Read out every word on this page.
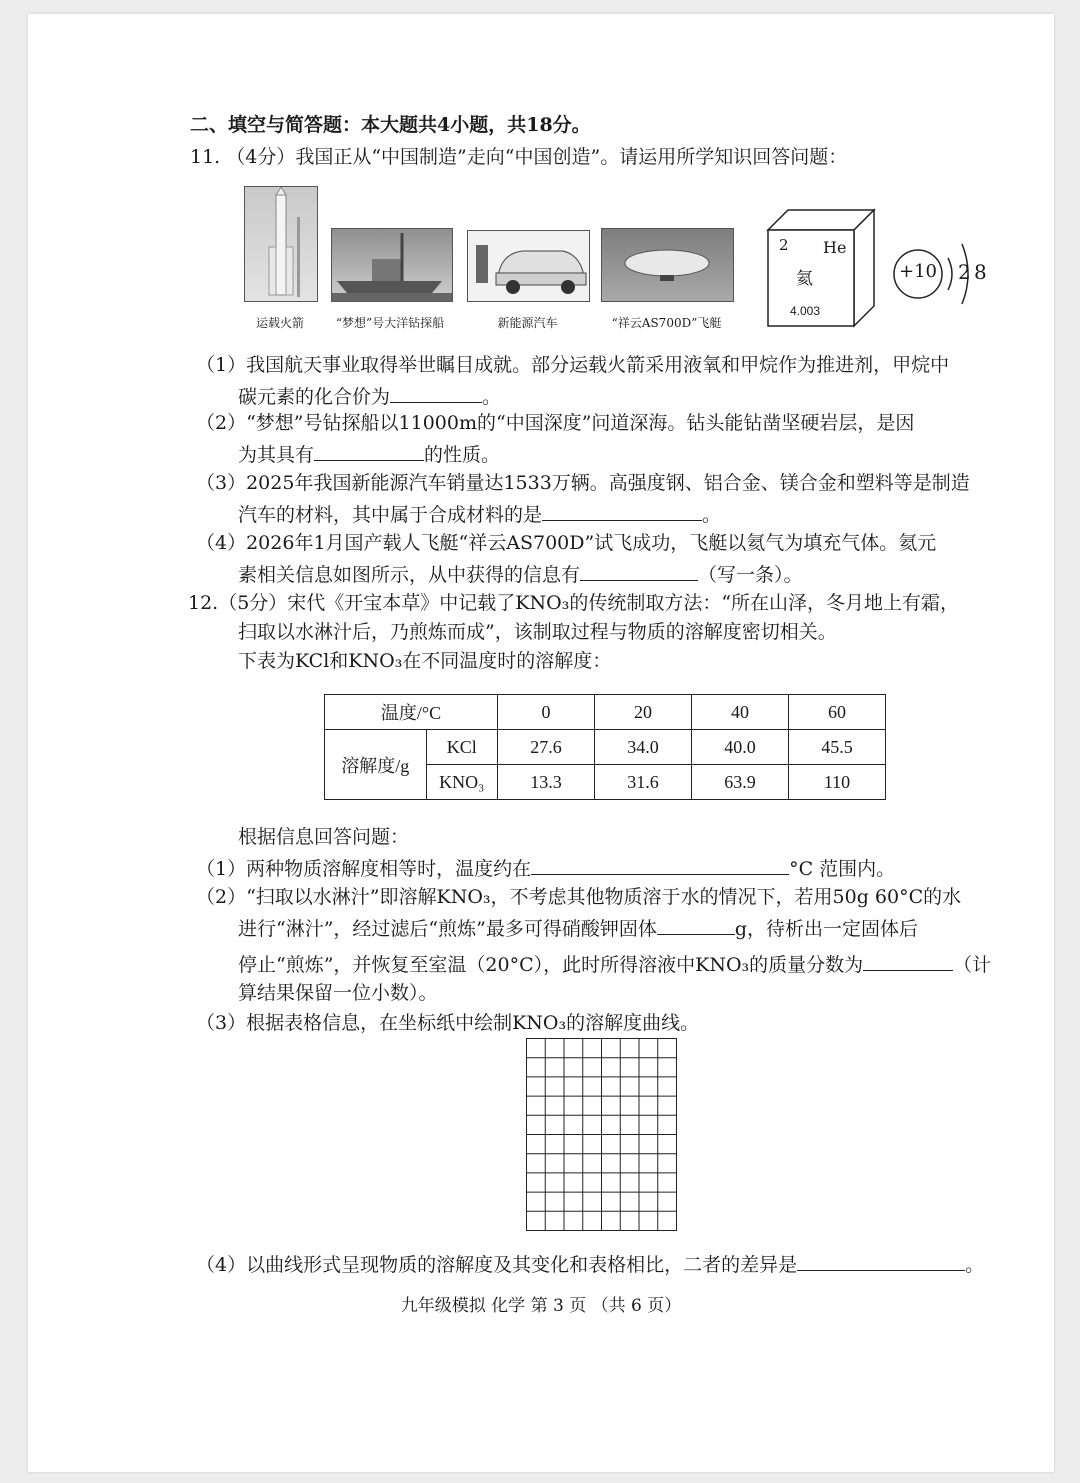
二、填空与简答题：本大题共4小题，共18分。
11. （4分）我国正从“中国制造”走向“中国创造”。请运用所学知识回答问题：
运载火箭	“梦想”号大洋钻探船	新能源汽车	“祥云AS700D”飞艇
2 He
氦
4.003
+10 2 8
（1）我国航天事业取得举世瞩目成就。部分运载火箭采用液氧和甲烷作为推进剂，甲烷中
碳元素的化合价为	。
（2）“梦想”号钻探船以11000m的“中国深度”问道深海。钻头能钻凿坚硬岩层，是因
为其具有	的性质。
（3）2025年我国新能源汽车销量达1533万辆。高强度钢、铝合金、镁合金和塑料等是制造
汽车的材料，其中属于合成材料的是	。
（4）2026年1月国产载人飞艇“祥云AS700D”试飞成功，飞艇以氦气为填充气体。氦元
素相关信息如图所示，从中获得的信息有	（写一条）。
12.（5分）宋代《开宝本草》中记载了KNO₃的传统制取方法：“所在山泽，冬月地上有霜，
扫取以水淋汁后，乃煎炼而成”，该制取过程与物质的溶解度密切相关。
下表为KCl和KNO₃在不同温度时的溶解度：
温度/°C		0	20	40	60
溶解度/g	KCl	27.6	34.0	40.0	45.5
	KNO₃	13.3	31.6	63.9	110
根据信息回答问题：
（1）两种物质溶解度相等时，温度约在	°C 范围内。
（2）“扫取以水淋汁”即溶解KNO₃，不考虑其他物质溶于水的情况下，若用50g 60°C的水
进行“淋汁”，经过滤后“煎炼”最多可得硝酸钾固体	g，待析出一定固体后
停止“煎炼”，并恢复至室温（20°C），此时所得溶液中KNO₃的质量分数为	（计
算结果保留一位小数）。
（3）根据表格信息，在坐标纸中绘制KNO₃的溶解度曲线。
（4）以曲线形式呈现物质的溶解度及其变化和表格相比，二者的差异是	。
九年级模拟 化学 第 3 页 （共 6 页）
